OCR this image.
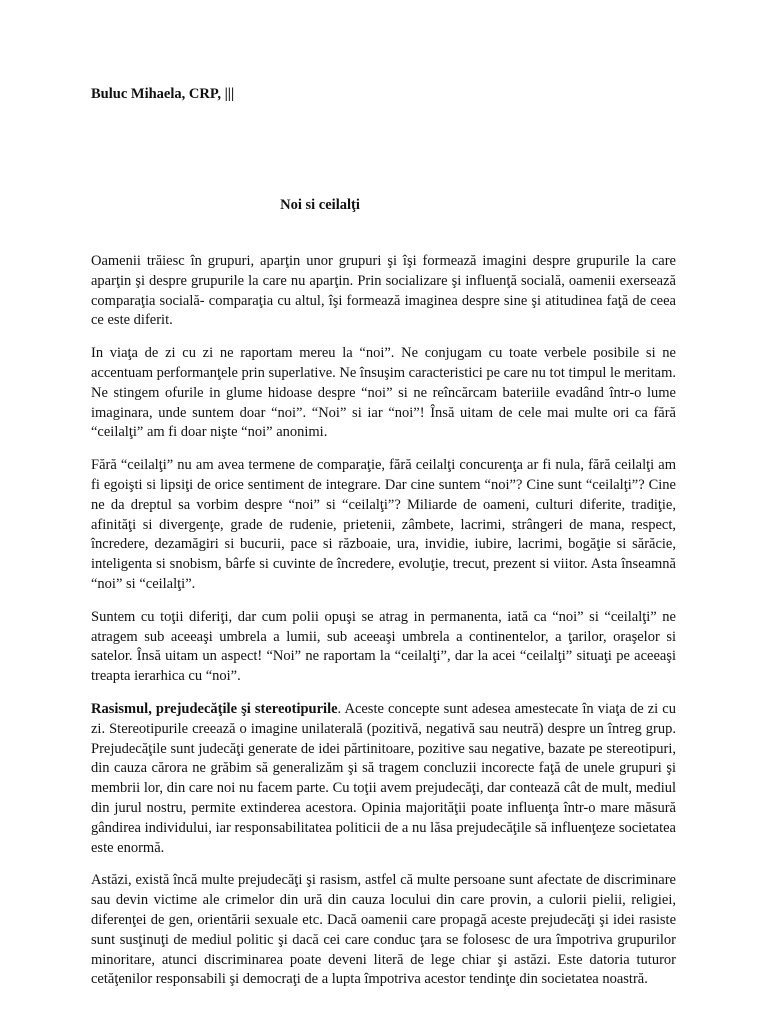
Buluc Mihaela, CRP, |||

Noi si ceilalţi

Oamenii trăiesc în grupuri, aparţin unor grupuri şi îşi formează imagini despre grupurile la care aparţin şi despre grupurile la care nu aparţin. Prin socializare şi influenţă socială, oamenii exersează comparaţia socială- comparaţia cu altul, îşi formează imaginea despre sine şi atitudinea faţă de ceea ce este diferit.

In viaţa de zi cu zi ne raportam mereu la “noi”. Ne conjugam cu toate verbele posibile si ne accentuam performanţele prin superlative. Ne însuşim caracteristici pe care nu tot timpul le meritam. Ne stingem ofurile in glume hidoase despre “noi” si ne reîncărcam bateriile evadând într-o lume imaginara, unde suntem doar “noi”. “Noi” si iar “noi”! Însă uitam de cele mai multe ori ca fără “ceilalţi” am fi doar nişte “noi” anonimi.

Fără “ceilalţi” nu am avea termene de comparaţie, fără ceilalţi concurenţa ar fi nula, fără ceilalţi am fi egoişti si lipsiţi de orice sentiment de integrare. Dar cine suntem “noi”? Cine sunt “ceilalţi”? Cine ne da dreptul sa vorbim despre “noi” si “ceilalţi”? Miliarde de oameni, culturi diferite, tradiţie, afinităţi si divergenţe, grade de rudenie, prietenii, zâmbete, lacrimi, strângeri de mana, respect, încredere, dezamăgiri si bucurii, pace si războaie, ura, invidie, iubire, lacrimi, bogăţie si sărăcie, inteligenta si snobism, bârfe si cuvinte de încredere, evoluţie, trecut, prezent si viitor. Asta înseamnă “noi” si “ceilalţi”.

Suntem cu toţii diferiţi, dar cum polii opuşi se atrag in permanenta, iată ca “noi” si “ceilalţi” ne atragem sub aceeaşi umbrela a lumii, sub aceeaşi umbrela a continentelor, a ţarilor, oraşelor si satelor. Însă uitam un aspect! “Noi” ne raportam la “ceilalţi”, dar la acei “ceilalţi” situaţi pe aceeaşi treapta ierarhica cu “noi”.

Rasismul, prejudecăţile şi stereotipurile. Aceste concepte sunt adesea amestecate în viaţa de zi cu zi. Stereotipurile creează o imagine unilaterală (pozitivă, negativă sau neutră) despre un întreg grup. Prejudecăţile sunt judecăţi generate de idei părtinitoare, pozitive sau negative, bazate pe stereotipuri, din cauza cărora ne grăbim să generalizăm şi să tragem concluzii incorecte faţă de unele grupuri şi membrii lor, din care noi nu facem parte. Cu toţii avem prejudecăţi, dar contează cât de mult, mediul din jurul nostru, permite extinderea acestora. Opinia majorităţii poate influenţa într-o mare măsură gândirea individului, iar responsabilitatea politicii de a nu lăsa prejudecăţile să influenţeze societatea este enormă.

Astăzi, există încă multe prejudecăţi şi rasism, astfel că multe persoane sunt afectate de discriminare sau devin victime ale crimelor din ură din cauza locului din care provin, a culorii pielii, religiei, diferenţei de gen, orientării sexuale etc. Dacă oamenii care propagă aceste prejudecăţi şi idei rasiste sunt susţinuţi de mediul politic şi dacă cei care conduc ţara se folosesc de ura împotriva grupurilor minoritare, atunci discriminarea poate deveni literă de lege chiar şi astăzi. Este datoria tuturor cetăţenilor responsabili şi democraţi de a lupta împotriva acestor tendinţe din societatea noastră.
